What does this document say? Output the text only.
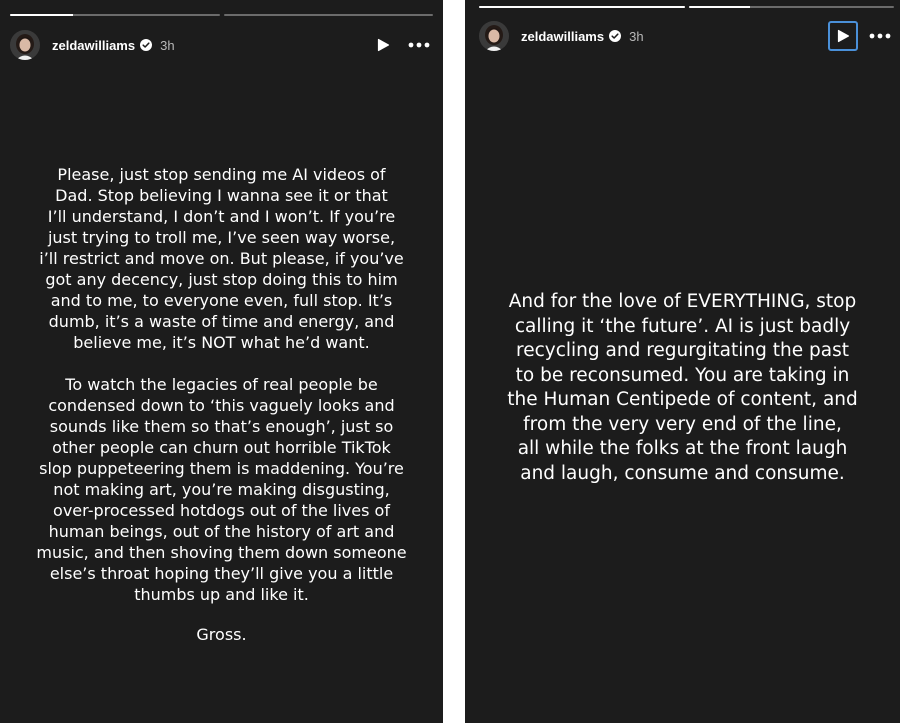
zeldawilliams 3h
Please, just stop sending me AI videos of
Dad. Stop believing I wanna see it or that
I’ll understand, I don’t and I won’t. If you’re
just trying to troll me, I’ve seen way worse,
i’ll restrict and move on. But please, if you’ve
got any decency, just stop doing this to him
and to me, to everyone even, full stop. It’s
dumb, it’s a waste of time and energy, and
believe me, it’s NOT what he’d want.
To watch the legacies of real people be
condensed down to ‘this vaguely looks and
sounds like them so that’s enough’, just so
other people can churn out horrible TikTok
slop puppeteering them is maddening. You’re
not making art, you’re making disgusting,
over-processed hotdogs out of the lives of
human beings, out of the history of art and
music, and then shoving them down someone
else’s throat hoping they’ll give you a little
thumbs up and like it.
Gross.
zeldawilliams 3h
And for the love of EVERYTHING, stop
calling it ‘the future’. AI is just badly
recycling and regurgitating the past
to be reconsumed. You are taking in
the Human Centipede of content, and
from the very very end of the line,
all while the folks at the front laugh
and laugh, consume and consume.
